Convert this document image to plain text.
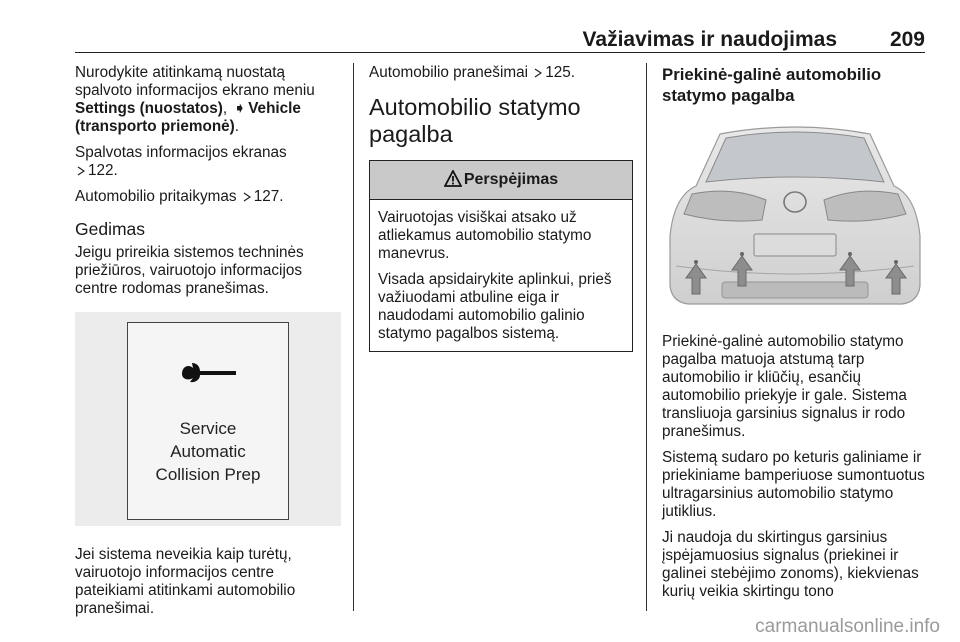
Važiavimas ir naudojimas	209

Nurodykite atitinkamą nuostatą spalvoto informacijos ekrano meniu Settings (nuostatos), ➧ Vehicle (transporto priemonė).

Spalvotas informacijos ekranas

122.

Automobilio pritaikymas 127.

Gedimas

Jeigu prireikia sistemos techninės priežiūros, vairuotojo informacijos centre rodomas pranešimas.

Service
Automatic
Collision Prep

Jei sistema neveikia kaip turėtų, vairuotojo informacijos centre pateikiami atitinkami automobilio pranešimai.

Automobilio pranešimai 125.

Automobilio statymo pagalba
Perspėjimas

Vairuotojas visiškai atsako už atliekamus automobilio statymo manevrus.

Visada apsidairykite aplinkui, prieš važiuodami atbuline eiga ir naudodami automobilio galinio statymo pagalbos sistemą.

Priekinė-galinė automobilio statymo pagalba

Priekinė-galinė automobilio statymo pagalba matuoja atstumą tarp automobilio ir kliūčių, esančių automobilio priekyje ir gale. Sistema transliuoja garsinius signalus ir rodo pranešimus.

Sistemą sudaro po keturis galiniame ir priekiniame bamperiuose sumontuotus ultragarsinius automobilio statymo jutiklius.

Ji naudoja du skirtingus garsinius įspėjamuosius signalus (priekinei ir galinei stebėjimo zonoms), kiekvienas kurių veikia skirtingu tono

carmanualsonline.info
